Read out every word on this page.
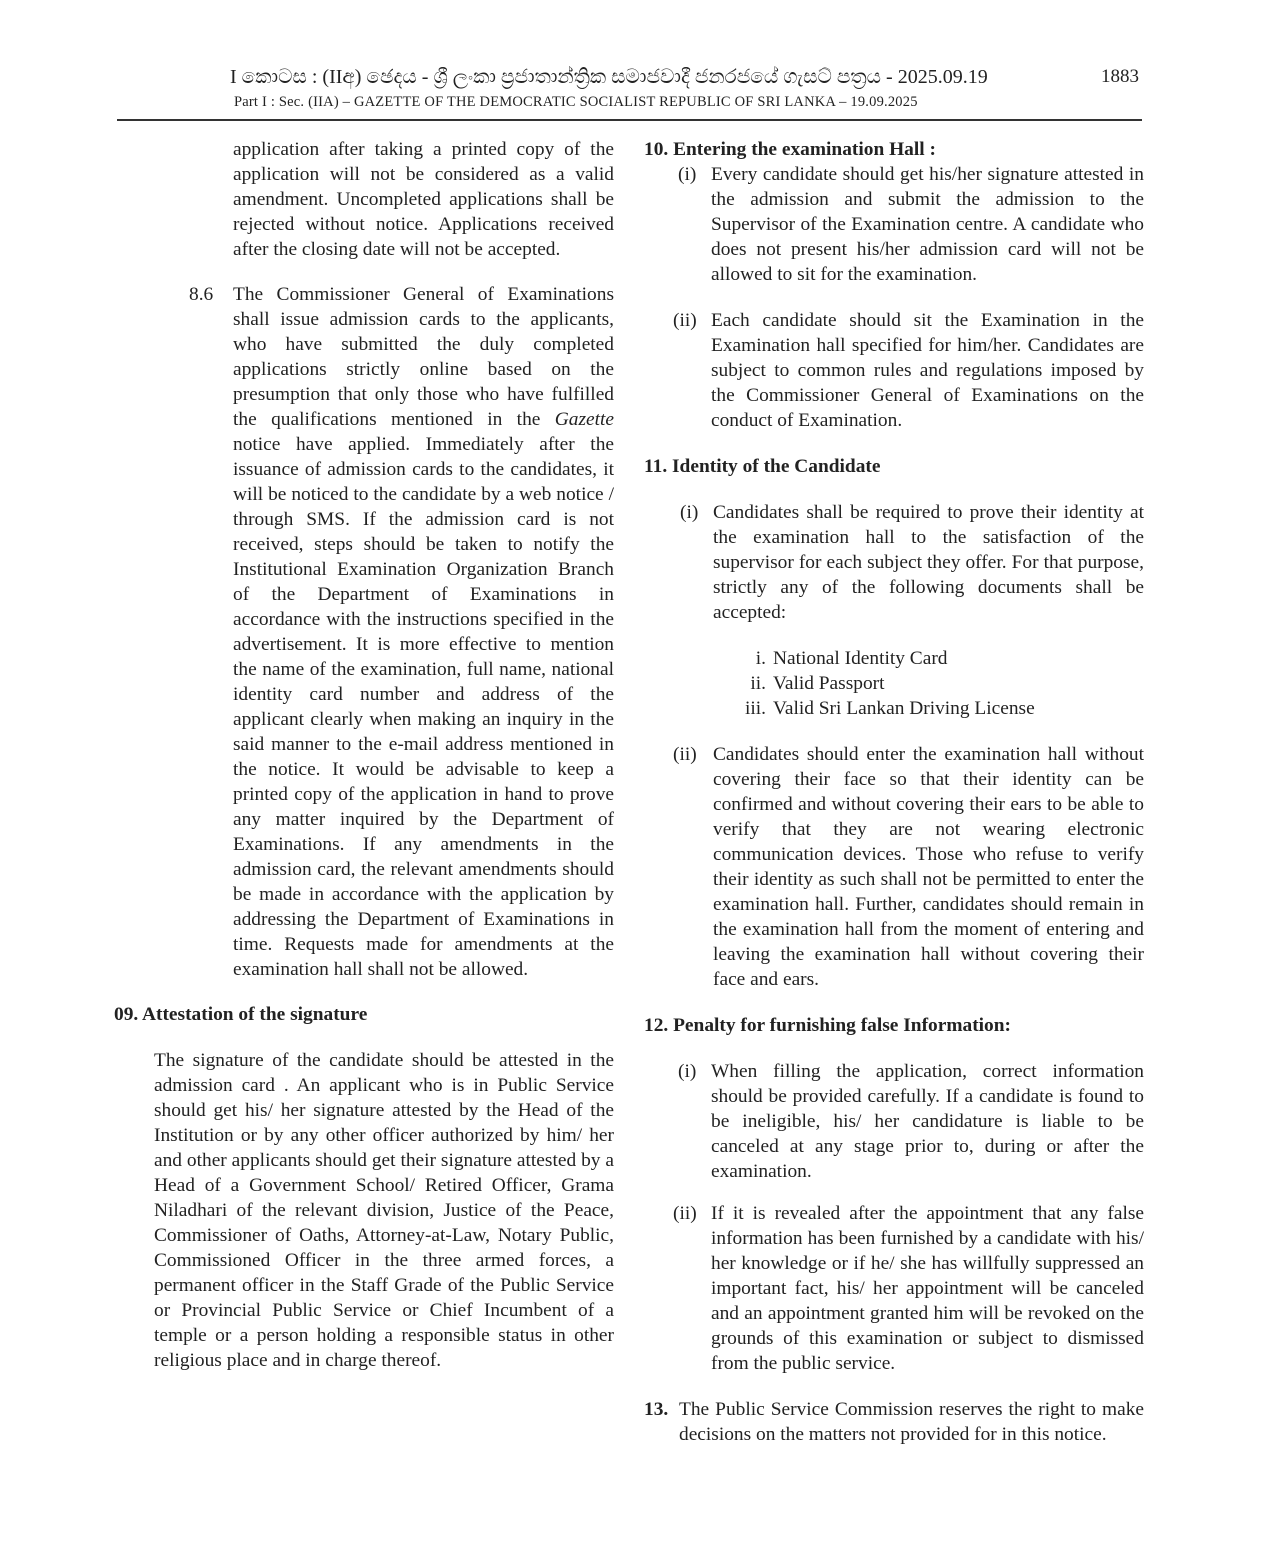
I කොටස : (IIඅ) ඡෙදය - ශ්‍රී ලංකා ප්‍රජාතාන්ත්‍රික සමාජවාදී ජනරජයේ ගැසට් පත්‍රය - 2025.09.19	1883
Part I : Sec. (IIA) – GAZETTE OF THE DEMOCRATIC SOCIALIST REPUBLIC OF SRI LANKA – 19.09.2025

application after taking a printed copy of the application will not be considered as a valid amendment. Uncompleted applications shall be rejected without notice. Applications received after the closing date will not be accepted.

8.6 The Commissioner General of Examinations shall issue admission cards to the applicants, who have submitted the duly completed applications strictly online based on the presumption that only those who have fulfilled the qualifications mentioned in the Gazette notice have applied. Immediately after the issuance of admission cards to the candidates, it will be noticed to the candidate by a web notice / through SMS. If the admission card is not received, steps should be taken to notify the Institutional Examination Organization Branch of the Department of Examinations in accordance with the instructions specified in the advertisement. It is more effective to mention the name of the examination, full name, national identity card number and address of the applicant clearly when making an inquiry in the said manner to the e-mail address mentioned in the notice. It would be advisable to keep a printed copy of the application in hand to prove any matter inquired by the Department of Examinations. If any amendments in the admission card, the relevant amendments should be made in accordance with the application by addressing the Department of Examinations in time. Requests made for amendments at the examination hall shall not be allowed.

09. Attestation of the signature

The signature of the candidate should be attested in the admission card . An applicant who is in Public Service should get his/ her signature attested by the Head of the Institution or by any other officer authorized by him/ her and other applicants should get their signature attested by a Head of a Government School/ Retired Officer, Grama Niladhari of the relevant division, Justice of the Peace, Commissioner of Oaths, Attorney-at-Law, Notary Public, Commissioned Officer in the three armed forces, a permanent officer in the Staff Grade of the Public Service or Provincial Public Service or Chief Incumbent of a temple or a person holding a responsible status in other religious place and in charge thereof.

10. Entering the examination Hall :
(i) Every candidate should get his/her signature attested in the admission and submit the admission to the Supervisor of the Examination centre. A candidate who does not present his/her admission card will not be allowed to sit for the examination.

(ii) Each candidate should sit the Examination in the Examination hall specified for him/her. Candidates are subject to common rules and regulations imposed by the Commissioner General of Examinations on the conduct of Examination.

11. Identity of the Candidate
(i) Candidates shall be required to prove their identity at the examination hall to the satisfaction of the supervisor for each subject they offer. For that purpose, strictly any of the following documents shall be accepted:

i. National Identity Card
ii. Valid Passport
iii. Valid Sri Lankan Driving License
(ii) Candidates should enter the examination hall without covering their face so that their identity can be confirmed and without covering their ears to be able to verify that they are not wearing electronic communication devices. Those who refuse to verify their identity as such shall not be permitted to enter the examination hall. Further, candidates should remain in the examination hall from the moment of entering and leaving the examination hall without covering their face and ears.

12. Penalty for furnishing false Information:
(i) When filling the application, correct information should be provided carefully. If a candidate is found to be ineligible, his/ her candidature is liable to be canceled at any stage prior to, during or after the examination.

(ii) If it is revealed after the appointment that any false information has been furnished by a candidate with his/ her knowledge or if he/ she has willfully suppressed an important fact, his/ her appointment will be canceled and an appointment granted him will be revoked on the grounds of this examination or subject to dismissed from the public service.

13. The Public Service Commission reserves the right to make decisions on the matters not provided for in this notice.
